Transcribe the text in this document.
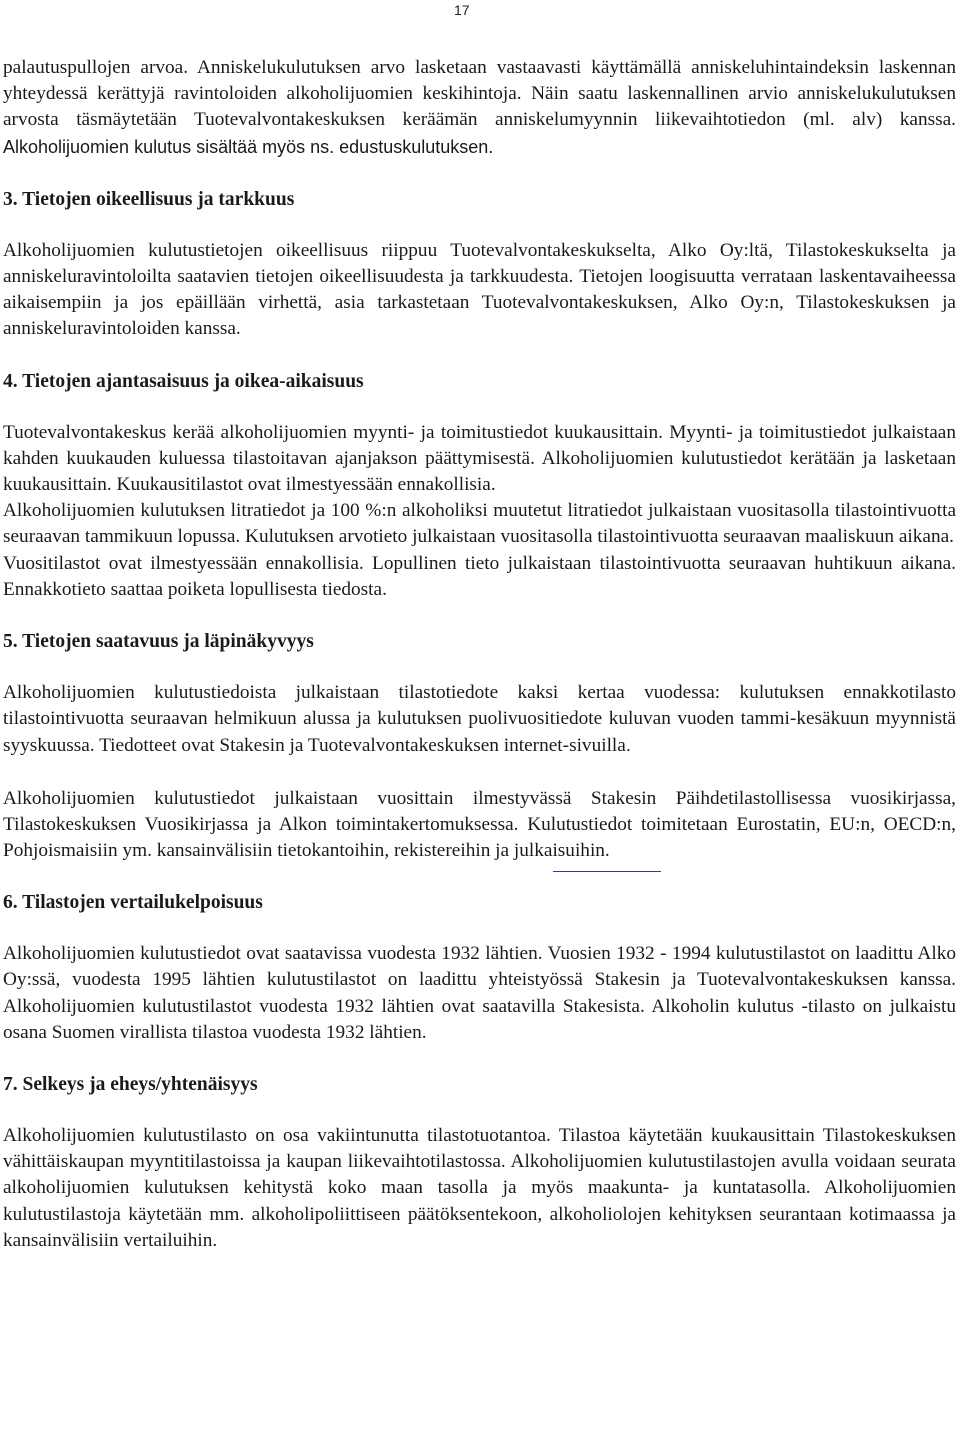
17

palautuspullojen arvoa. Anniskelukulutuksen arvo lasketaan vastaavasti käyttämällä anniskeluhintaindeksin laskennan yhteydessä kerättyjä ravintoloiden alkoholijuomien keskihintoja. Näin saatu laskennallinen arvio anniskelukulutuksen arvosta täsmäytetään Tuotevalvontakeskuksen keräämän anniskelumyynnin liikevaihtotiedon (ml. alv) kanssa. Alkoholijuomien kulutus sisältää myös ns. edustuskulutuksen.

3. Tietojen oikeellisuus ja tarkkuus

Alkoholijuomien kulutustietojen oikeellisuus riippuu Tuotevalvontakeskukselta, Alko Oy:ltä, Tilastokeskukselta ja anniskeluravintoloilta saatavien tietojen oikeellisuudesta ja tarkkuudesta. Tietojen loogisuutta verrataan laskentavaiheessa aikaisempiin ja jos epäillään virhettä, asia tarkastetaan Tuotevalvontakeskuksen, Alko Oy:n, Tilastokeskuksen ja anniskeluravintoloiden kanssa.

4. Tietojen ajantasaisuus ja oikea-aikaisuus

Tuotevalvontakeskus kerää alkoholijuomien myynti- ja toimitustiedot kuukausittain. Myynti- ja toimitustiedot julkaistaan kahden kuukauden kuluessa tilastoitavan ajanjakson päättymisestä. Alkoholijuomien kulutustiedot kerätään ja lasketaan kuukausittain. Kuukausitilastot ovat ilmestyessään ennakollisia.

Alkoholijuomien kulutuksen litratiedot ja 100 %:n alkoholiksi muutetut litratiedot julkaistaan vuositasolla tilastointivuotta seuraavan tammikuun lopussa. Kulutuksen arvotieto julkaistaan vuositasolla tilastointivuotta seuraavan maaliskuun aikana.

Vuositilastot ovat ilmestyessään ennakollisia. Lopullinen tieto julkaistaan tilastointivuotta seuraavan huhtikuun aikana. Ennakkotieto saattaa poiketa lopullisesta tiedosta.

5. Tietojen saatavuus ja läpinäkyvyys

Alkoholijuomien kulutustiedoista julkaistaan tilastotiedote kaksi kertaa vuodessa: kulutuksen ennakkotilasto tilastointivuotta seuraavan helmikuun alussa ja kulutuksen puolivuositiedote kuluvan vuoden tammi-kesäkuun myynnistä syyskuussa. Tiedotteet ovat Stakesin ja Tuotevalvontakeskuksen internet-sivuilla.

Alkoholijuomien kulutustiedot julkaistaan vuosittain ilmestyvässä Stakesin Päihdetilastollisessa vuosikirjassa, Tilastokeskuksen Vuosikirjassa ja Alkon toimintakertomuksessa. Kulutustiedot toimitetaan Eurostatin, EU:n, OECD:n, Pohjoismaisiin ym. kansainvälisiin tietokantoihin, rekistereihin ja julkaisuihin.

6. Tilastojen vertailukelpoisuus

Alkoholijuomien kulutustiedot ovat saatavissa vuodesta 1932 lähtien. Vuosien 1932 - 1994 kulutustilastot on laadittu Alko Oy:ssä, vuodesta 1995 lähtien kulutustilastot on laadittu yhteistyössä Stakesin ja Tuotevalvontakeskuksen kanssa. Alkoholijuomien kulutustilastot vuodesta 1932 lähtien ovat saatavilla Stakesista. Alkoholin kulutus -tilasto on julkaistu osana Suomen virallista tilastoa vuodesta 1932 lähtien.

7. Selkeys ja eheys/yhtenäisyys

Alkoholijuomien kulutustilasto on osa vakiintunutta tilastotuotantoa. Tilastoa käytetään kuukausittain Tilastokeskuksen vähittäiskaupan myyntitilastoissa ja kaupan liikevaihtotilastossa. Alkoholijuomien kulutustilastojen avulla voidaan seurata alkoholijuomien kulutuksen kehitystä koko maan tasolla ja myös maakunta- ja kuntatasolla. Alkoholijuomien kulutustilastoja käytetään mm. alkoholipoliittiseen päätöksentekoon, alkoholiolojen kehityksen seurantaan kotimaassa ja kansainvälisiin vertailuihin.
